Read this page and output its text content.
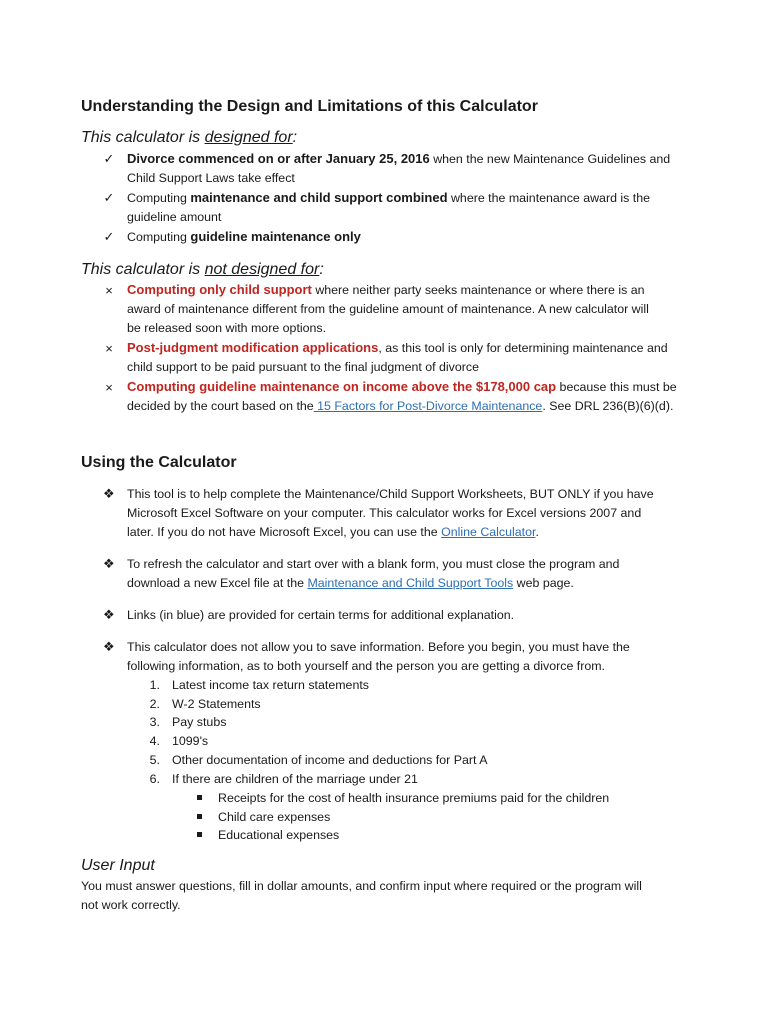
Understanding the Design and Limitations of this Calculator
This calculator is designed for:
✓ Divorce commenced on or after January 25, 2016 when the new Maintenance Guidelines and
Child Support Laws take effect
✓ Computing maintenance and child support combined where the maintenance award is the
guideline amount
✓ Computing guideline maintenance only
This calculator is not designed for:
×	Computing only child support where neither party seeks maintenance or where there is an
award of maintenance different from the guideline amount of maintenance. A new calculator will
be released soon with more options.
×	Post-judgment modification applications, as this tool is only for determining maintenance and
child support to be paid pursuant to the final judgment of divorce
×	Computing guideline maintenance on income above the $178,000 cap because this must be
decided by the court based on the 15 Factors for Post-Divorce Maintenance. See DRL 236(B)(6)(d).
Using the Calculator
❖ This tool is to help complete the Maintenance/Child Support Worksheets, BUT ONLY if you have
Microsoft Excel Software on your computer. This calculator works for Excel versions 2007 and
later. If you do not have Microsoft Excel, you can use the Online Calculator.
❖ To refresh the calculator and start over with a blank form, you must close the program and
download a new Excel file at the Maintenance and Child Support Tools web page.
❖ Links (in blue) are provided for certain terms for additional explanation.
❖ This calculator does not allow you to save information. Before you begin, you must have the
following information, as to both yourself and the person you are getting a divorce from.
1. Latest income tax return statements
2. W-2 Statements
3. Pay stubs
4. 1099's
5. Other documentation of income and deductions for Part A
6. If there are children of the marriage under 21
Receipts for the cost of health insurance premiums paid for the children
Child care expenses
Educational expenses
User Input
You must answer questions, fill in dollar amounts, and confirm input where required or the program will
not work correctly.
